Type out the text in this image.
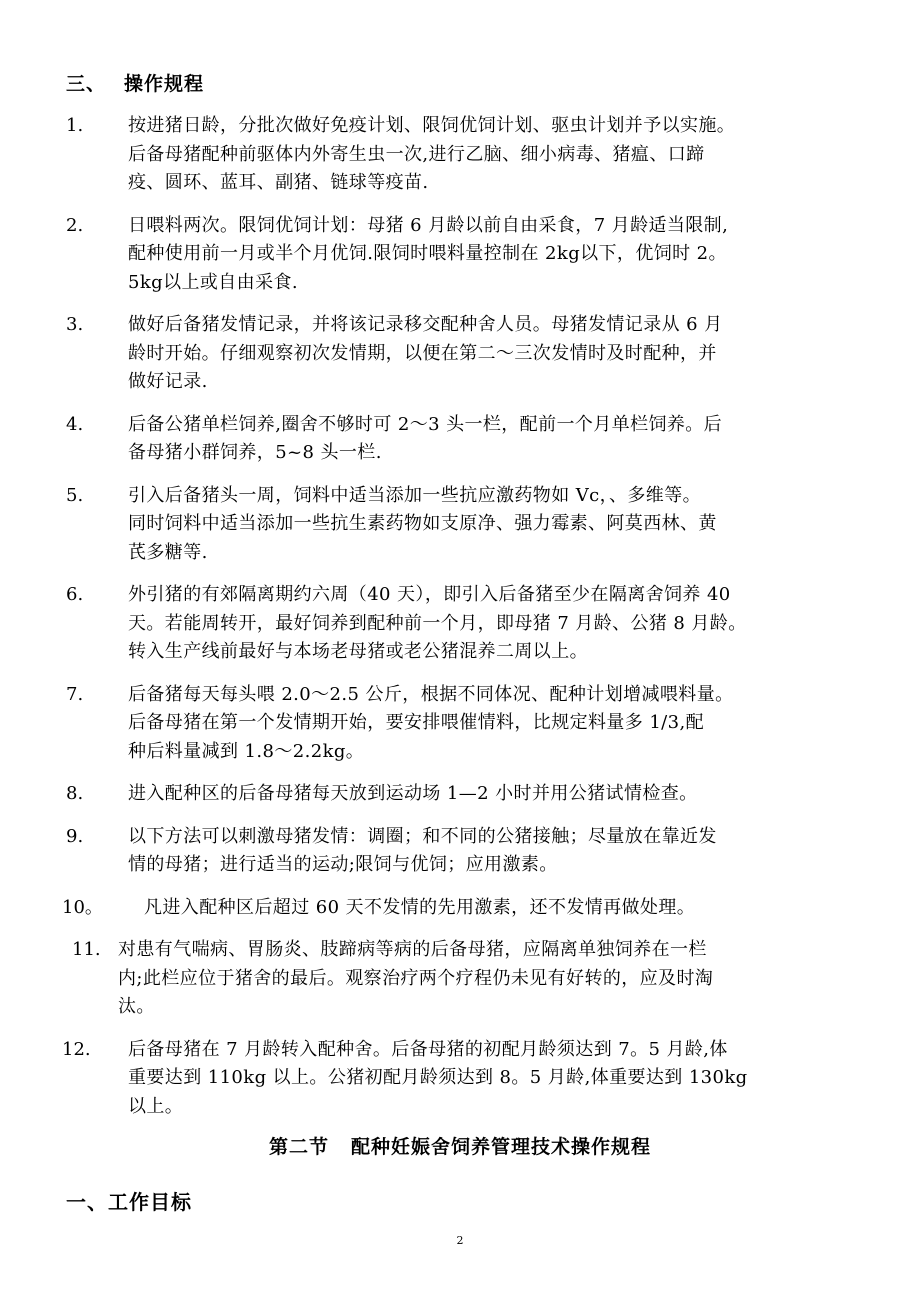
三、 操作规程
1. 按进猪日龄，分批次做好免疫计划、限饲优饲计划、驱虫计划并予以实施。
后备母猪配种前驱体内外寄生虫一次,进行乙脑、细小病毒、猪瘟、口蹄
疫、圆环、蓝耳、副猪、链球等疫苗.
2. 日喂料两次。限饲优饲计划：母猪 6 月龄以前自由采食，7 月龄适当限制,
配种使用前一月或半个月优饲.限饲时喂料量控制在 2kg以下，优饲时 2。
5kg以上或自由采食.
3. 做好后备猪发情记录，并将该记录移交配种舍人员。母猪发情记录从 6 月
龄时开始。仔细观察初次发情期，以便在第二～三次发情时及时配种，并
做好记录.
4. 后备公猪单栏饲养,圈舍不够时可 2～3 头一栏，配前一个月单栏饲养。后
备母猪小群饲养，5~8 头一栏.
5. 引入后备猪头一周，饲料中适当添加一些抗应激药物如 Vc，、多维等。
同时饲料中适当添加一些抗生素药物如支原净、强力霉素、阿莫西林、黄
芪多糖等.
6. 外引猪的有郊隔离期约六周（40 天），即引入后备猪至少在隔离舍饲养 40
天。若能周转开，最好饲养到配种前一个月，即母猪 7 月龄、公猪 8 月龄。
转入生产线前最好与本场老母猪或老公猪混养二周以上。
7. 后备猪每天每头喂 2.0～2.5 公斤，根据不同体况、配种计划增减喂料量。
后备母猪在第一个发情期开始，要安排喂催情料，比规定料量多 1/3,配
种后料量减到 1.8～2.2kg。
8. 进入配种区的后备母猪每天放到运动场 1—2 小时并用公猪试情检查。
9. 以下方法可以刺激母猪发情：调圈；和不同的公猪接触；尽量放在靠近发
情的母猪；进行适当的运动;限饲与优饲；应用激素。
10。 凡进入配种区后超过 60 天不发情的先用激素，还不发情再做处理。
11. 对患有气喘病、胃肠炎、肢蹄病等病的后备母猪，应隔离单独饲养在一栏
内;此栏应位于猪舍的最后。观察治疗两个疗程仍未见有好转的，应及时淘
汰。
12. 后备母猪在 7 月龄转入配种舍。后备母猪的初配月龄须达到 7。5 月龄,体
重要达到 110kg 以上。公猪初配月龄须达到 8。5 月龄,体重要达到 130kg
以上。
第二节 配种妊娠舍饲养管理技术操作规程
一、工作目标
2
